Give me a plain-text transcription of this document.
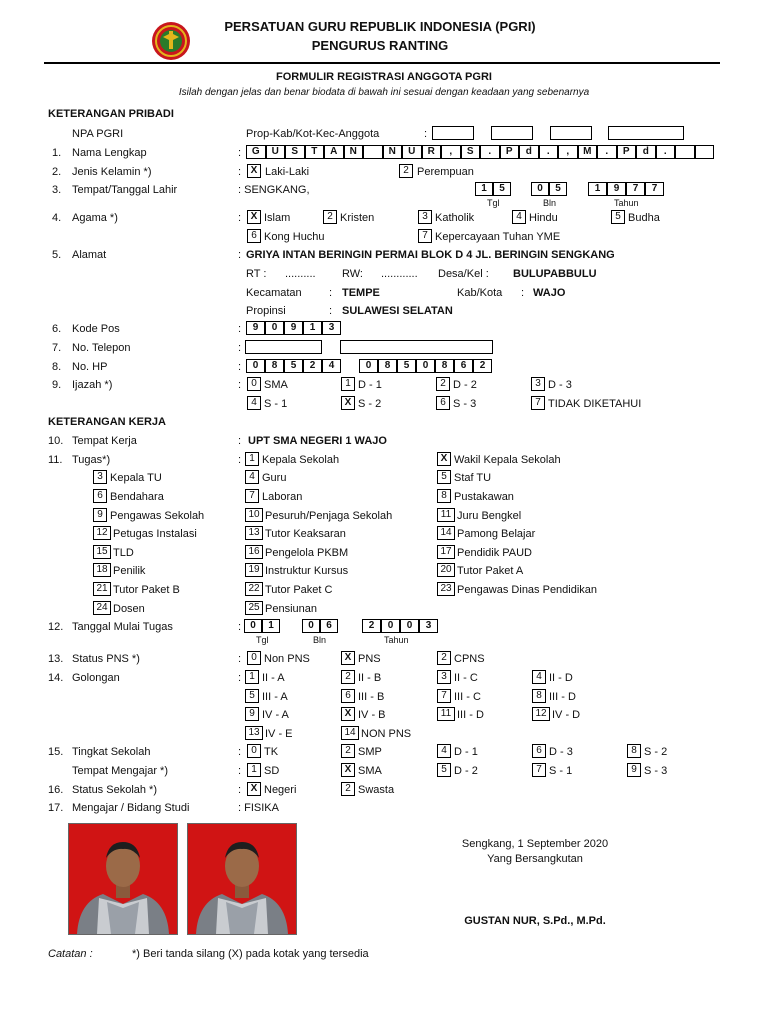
PERSATUAN GURU REPUBLIK INDONESIA (PGRI)
PENGURUS RANTING
FORMULIR REGISTRASI ANGGOTA PGRI
Isilah dengan jelas dan benar biodata di bawah ini sesuai dengan keadaan yang sebenarnya
KETERANGAN PRIBADI
NPA PGRI	Prop-Kab/Kot-Kec-Anggota	:
1. Nama Lengkap	:	G	U	S	T	A	N	N	U	R	,	S	.	P	d	.	,	M	.	P	d	.
2. Jenis Kelamin *)	: X Laki-Laki	2 Perempuan
3. Tempat/Tanggal Lahir	: SENGKANG,	1	5	0	5	1	9	7	7
Tgl	Bln	Tahun
4. Agama *)	: X Islam	2 Kristen	3 Katholik	4 Hindu	5 Budha
6 Kong Huchu	7 Kepercayaan Tuhan YME
5. Alamat	: GRIYA INTAN BERINGIN PERMAI BLOK D 4 JL. BERINGIN SENGKANG
RT : .......... RW: ............ Desa/Kel : BULUPABBULU
Kecamatan : TEMPE	Kab/Kota : WAJO
Propinsi	: SULAWESI SELATAN
6. Kode Pos	:	9	0	9	1	3
7. No. Telepon	:
8. No. HP	:	0	8	5	2	4	0	8	5	0	8	6	2
9. Ijazah *)	:	0 SMA	1 D - 1	2 D - 2	3 D - 3
4 S - 1	X S - 2	6 S - 3	7 TIDAK DIKETAHUI
KETERANGAN KERJA
10. Tempat Kerja	: UPT SMA NEGERI 1 WAJO
11. Tugas*)	: 1 Kepala Sekolah	X Wakil Kepala Sekolah
3 Kepala TU	4 Guru	5 Staf TU
6 Bendahara	7 Laboran	8 Pustakawan
9 Pengawas Sekolah	10 Pesuruh/Penjaga Sekolah	11 Juru Bengkel
12 Petugas Instalasi	13 Tutor Keaksaran	14 Pamong Belajar
15 TLD	16 Pengelola PKBM	17 Pendidik PAUD
18 Penilik	19 Instruktur Kursus	20 Tutor Paket A
21 Tutor Paket B	22 Tutor Paket C	23 Pengawas Dinas Pendidikan
24 Dosen	25 Pensiunan
12. Tanggal Mulai Tugas	: 0	1	0	6	2	0	0	3
Tgl	Bln	Tahun
13. Status PNS *)	:	0 Non PNS	X PNS	2 CPNS
14. Golongan	: 1 II - A	2 II - B	3 II - C	4 II - D
5 III - A	6 III - B	7 III - C	8 III - D
9 IV - A	X IV - B	11 III - D	12 IV - D
13 IV - E	14 NON PNS
15. Tingkat Sekolah
Tempat Mengajar *)
:
:
0 TK	2 SMP	4 D - 1	6 D - 3	8 S - 2
1 SD	X SMA	5 D - 2	7 S - 1	9 S - 3
16. Status Sekolah *)	: X Negeri	2 Swasta
17. Mengajar / Bidang Studi	: FISIKA
Sengkang, 1 September 2020
Yang Bersangkutan
GUSTAN NUR, S.Pd., M.Pd.
Catatan :	*) Beri tanda silang (X) pada kotak yang tersedia
